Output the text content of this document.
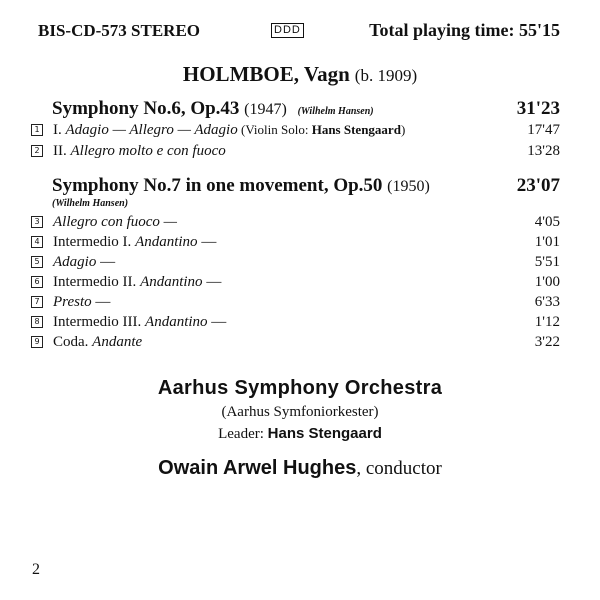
BIS-CD-573 STEREO	DDD	Total playing time: 55'15
HOLMBOE, Vagn (b. 1909)
Symphony No.6, Op.43 (1947) (Wilhelm Hansen)	31'23
1 I. Adagio — Allegro — Adagio (Violin Solo: Hans Stengaard)	17'47
2 II. Allegro molto e con fuoco	13'28
Symphony No.7 in one movement, Op.50 (1950)	23'07
(Wilhelm Hansen)
3 Allegro con fuoco —	4'05
4 Intermedio I. Andantino —	1'01
5 Adagio —	5'51
6 Intermedio II. Andantino —	1'00
7 Presto —	6'33
8 Intermedio III. Andantino —	1'12
9 Coda. Andante	3'22
Aarhus Symphony Orchestra
(Aarhus Symfoniorkester)
Leader: Hans Stengaard
Owain Arwel Hughes, conductor
2
